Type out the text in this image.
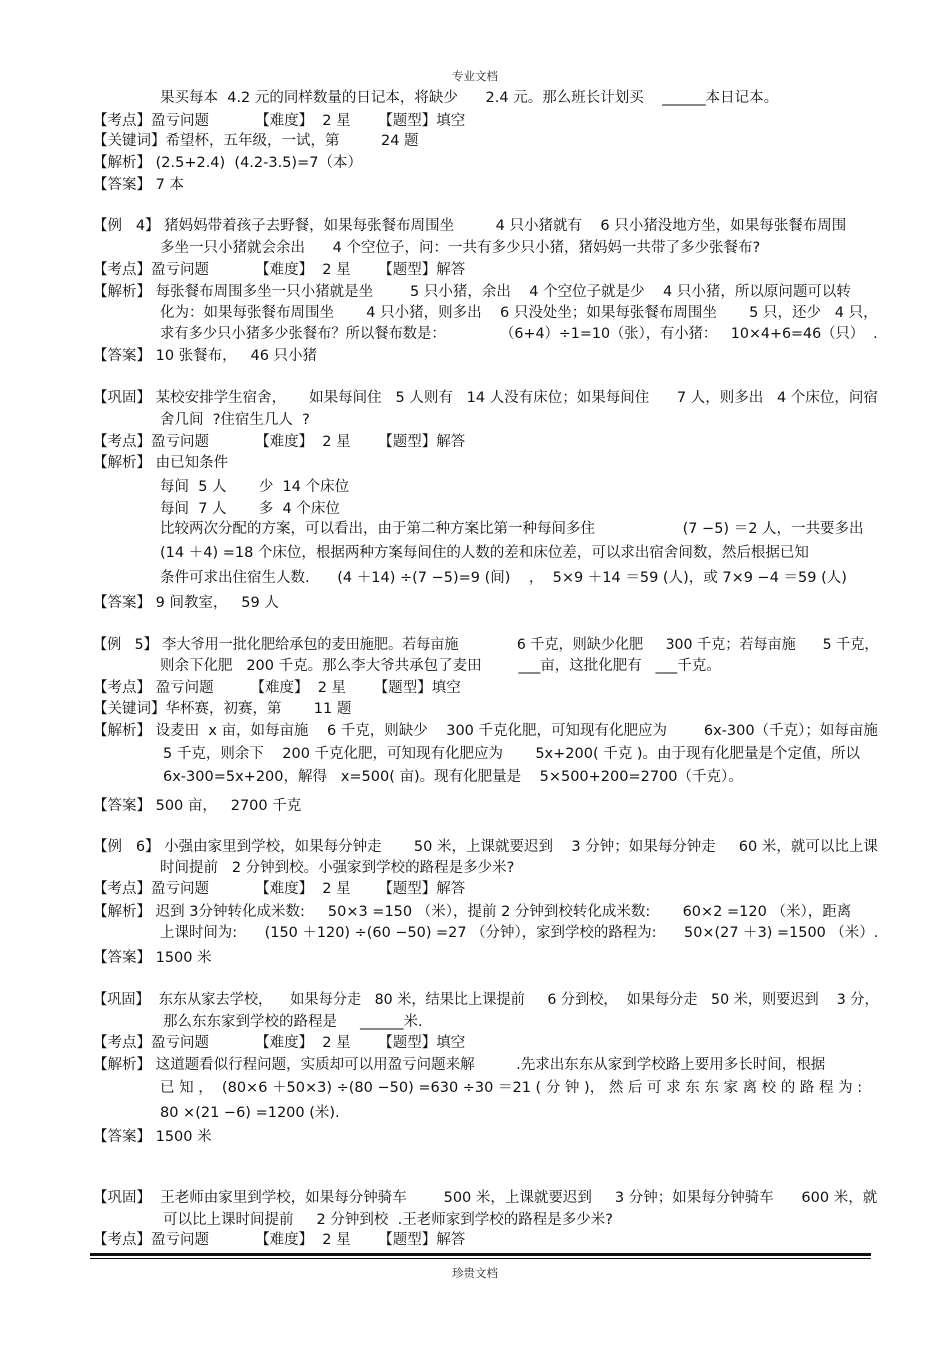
专业文档
果买每本  4.2 元的同样数量的日记本，将缺少      2.4 元。那么班长计划买    ______本日记本。
【考点】盈亏问题          【难度】  2 星      【题型】填空
【关键词】希望杯，五年级，一试，第         24 题
【解析】 (2.5+2.4)  (4.2-3.5)=7（本）
【答案】 7 本
【例   4】 猪妈妈带着孩子去野餐，如果每张餐布周围坐         4 只小猪就有    6 只小猪没地方坐，如果每张餐布周围
多坐一只小猪就会余出      4 个空位子，问：一共有多少只小猪，猪妈妈一共带了多少张餐布?
【考点】盈亏问题          【难度】  2 星      【题型】解答
【解析】 每张餐布周围多坐一只小猪就是坐        5 只小猪，余出    4 个空位子就是少    4 只小猪，所以原问题可以转
化为：如果每张餐布周围坐       4 只小猪，则多出    6 只没处坐；如果每张餐布周围坐       5 只，还少   4 只，
求有多少只小猪多少张餐布？所以餐布数是：            （6+4）÷1=10（张），有小猪：   10×4+6=46（只）  .
【答案】 10 张餐布，   46 只小猪
【巩固】 某校安排学生宿舍，     如果每间住   5 人则有   14 人没有床位；如果每间住      7 人，则多出   4 个床位，问宿
舍几间  ?住宿生几人  ?
【考点】盈亏问题          【难度】  2 星      【题型】解答
【解析】 由已知条件
每间  5 人       少  14 个床位
每间  7 人       多  4 个床位
比较两次分配的方案，可以看出，由于第二种方案比第一种每间多住                   (7 −5) ＝2 人，一共要多出
(14 ＋4) =18 个床位，根据两种方案每间住的人数的差和床位差，可以求出宿舍间数，然后根据已知
条件可求出住宿生人数.      (4 ＋14) ÷(7 −5)=9 (间)    ，  5×9 ＋14 ＝59 (人)，或 7×9 −4 ＝59 (人)
【答案】 9 间教室，   59 人
【例   5】 李大爷用一批化肥给承包的麦田施肥。若每亩施             6 千克，则缺少化肥     300 千克；若每亩施      5 千克，
则余下化肥   200 千克。那么李大爷共承包了麦田        ___亩，这批化肥有   ___千克。
【考点】 盈亏问题        【难度】  2 星      【题型】填空
【关键词】华杯赛，初赛，第       11 题
【解析】 设麦田  x 亩，如每亩施    6 千克，则缺少    300 千克化肥，可知现有化肥应为        6x-300（千克）；如每亩施
5 千克，则余下    200 千克化肥，可知现有化肥应为       5x+200( 千克 )。由于现有化肥量是个定值，所以
6x-300=5x+200，解得   x=500( 亩)。现有化肥量是    5×500+200=2700（千克）。
【答案】 500 亩，   2700 千克
【例   6】 小强由家里到学校，如果每分钟走       50 米，上课就要迟到    3 分钟；如果每分钟走     60 米，就可以比上课
时间提前   2 分钟到校。小强家到学校的路程是多少米?
【考点】盈亏问题          【难度】  2 星      【题型】解答
【解析】 迟到 3分钟转化成米数:     50×3 =150 （米），提前 2 分钟到校转化成米数:       60×2 =120 （米），距离
上课时间为:      (150 ＋120) ÷(60 −50) =27 （分钟），家到学校的路程为:      50×(27 ＋3) =1500 （米）.
【答案】 1500 米
【巩固】  东东从家去学校，    如果每分走   80 米，结果比上课提前     6 分到校，  如果每分走   50 米，则要迟到    3 分，
那么东东家到学校的路程是     ______米.
【考点】盈亏问题          【难度】  2 星      【题型】填空
【解析】 这道题看似行程问题，实质却可以用盈亏问题来解         .先求出东东从家到学校路上要用多长时间，根据
已 知 ，  (80×6 ＋50×3) ÷(80 −50) =630 ÷30 ＝21 ( 分 钟 )， 然 后 可 求 东 东 家 离 校 的 路 程 为 :
80 ×(21 −6) =1200 (米).
【答案】 1500 米
【巩固】  王老师由家里到学校，如果每分钟骑车        500 米，上课就要迟到     3 分钟；如果每分钟骑车      600 米，就
可以比上课时间提前     2 分钟到校  .王老师家到学校的路程是多少米?
【考点】盈亏问题          【难度】  2 星      【题型】解答
珍贵文档
